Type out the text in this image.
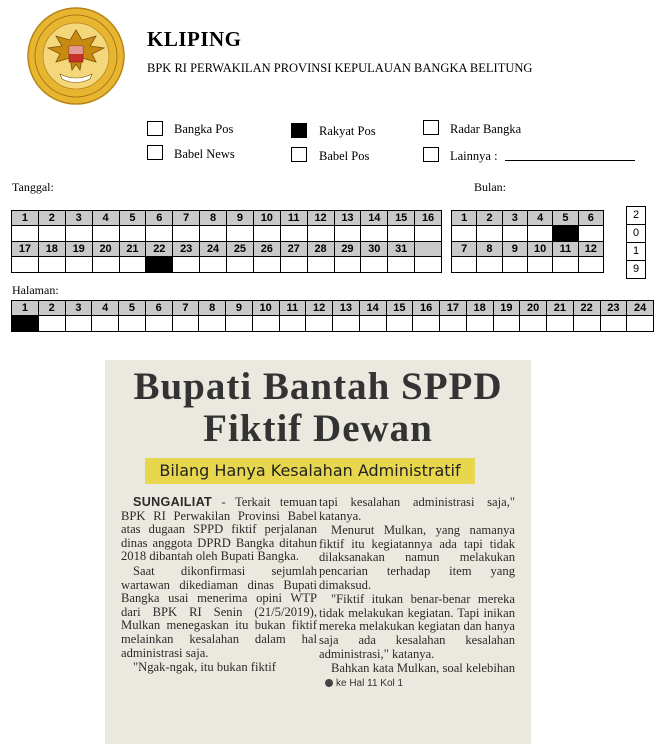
KLIPING
BPK RI PERWAKILAN PROVINSI KEPULAUAN BANGKA BELITUNG
Bangka Pos	Rakyat Pos	Radar Bangka
Babel News	Babel Pos	Lainnya :
Tanggal:	Bulan:
Halaman:
1	2	3	4	5	6	7	8	9	10	11	12	13	14	15	16

17	18	19	20	21	22	23	24	25	26	27	28	29	30	31	

1	2	3	4	5	6

7	8	9	10	11	12

2
0
1
9
1	2	3	4	5	6	7	8	9	10	11	12	13	14	15	16	17	18	19	20	21	22	23	24

Bupati Bantah SPPD
Fiktif Dewan
Bilang Hanya Kesalahan Administratif

SUNGAILIAT - Terkait temuan BPK RI Perwakilan Provinsi Babel atas dugaan SPPD fiktif perjalanan dinas anggota DPRD Bangka ditahun 2018 dibantah oleh Bupati Bangka.

Saat dikonfirmasi sejumlah wartawan dikediaman dinas Bupati Bangka usai menerima opini WTP dari BPK RI Senin (21/5/2019), Mulkan menegaskan itu bukan fiktif melainkan kesalahan dalam hal administrasi saja.

"Ngak-ngak, itu bukan fiktif

tapi kesalahan administrasi saja," katanya.

Menurut Mulkan, yang namanya fiktif itu kegiatannya ada tapi tidak dilaksanakan namun melakukan pencarian terhadap item yang dimaksud.

"Fiktif itukan benar-benar mereka tidak melakukan kegiatan. Tapi inikan mereka melakukan kegiatan dan hanya saja ada kesalahan kesalahan administrasi," katanya.

Bahkan kata Mulkan, soal kelebihanke Hal 11 Kol 1
